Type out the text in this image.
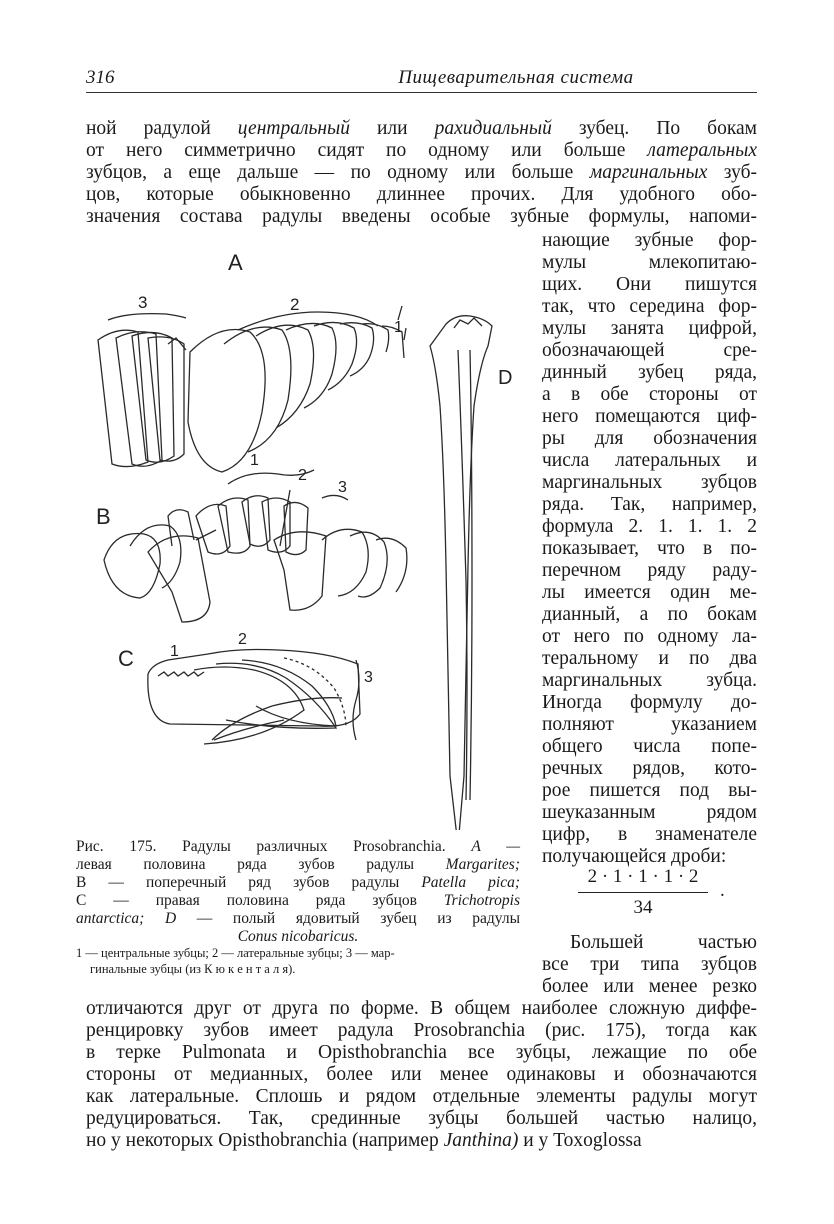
316	Пищеварительная система
ной радулой центральный или рахидиальный зубец. По бокам
от него симметрично сидят по одному или больше латеральных
зубцов, а еще дальше — по одному или больше маргинальных зуб-
цов, которые обыкновенно длиннее прочих. Для удобного обо-
значения состава радулы введены особые зубные формулы, напоми-
нающие зубные фор-
мулы млекопитаю-
щих. Они пишутся
так, что середина фор-
мулы занята цифрой,
обозначающей сре-
динный зубец ряда,
а в обе стороны от
него помещаются циф-
ры для обозначения
числа латеральных и
маргинальных зубцов
ряда. Так, например,
формула 2. 1. 1. 1. 2
показывает, что в по-
перечном ряду раду-
лы имеется один ме-
дианный, а по бокам
от него по одному ла-
теральному и по два
маргинальных зубца.
Иногда формулу до-
полняют указанием
общего числа попе-
речных рядов, кото-
рое пишется под вы-
шеуказанным рядом
цифр, в знаменателе
получающейся дроби:
$\frac{2 \cdot 1 \cdot 1 \cdot 1 \cdot 2}{34}$ .
Большей частью
все три типа зубцов
более или менее резко
отличаются друг от друга по форме. В общем наиболее сложную диффе-
ренцировку зубов имеет радула Prosobranchia (рис. 175), тогда как
в терке Pulmonata и Opisthobranchia все зубцы, лежащие по обе
стороны от медианных, более или менее одинаковы и обозначаются
как латеральные. Сплошь и рядом отдельные элементы радулы могут
редуцироваться. Так, срединные зубцы большей частью налицо,
но у некоторых Opisthobranchia (например Janthina) и у Toxoglossa
A
3	2
1
D
1
2
3
B
1
2
3
C
Рис. 175. Радулы различных Prosobranchia. A —
левая половина ряда зубов радулы Margarites;
B — поперечный ряд зубов радулы Patella pica;
C — правая половина ряда зубцов Trichotropis
antarctica; D — полый ядовитый зубец из радулы
Conus nicobaricus.
1 — центральные зубцы; 2 — латеральные зубцы; 3 — мар-
гинальные зубцы (из К ю к е н т а л я).
